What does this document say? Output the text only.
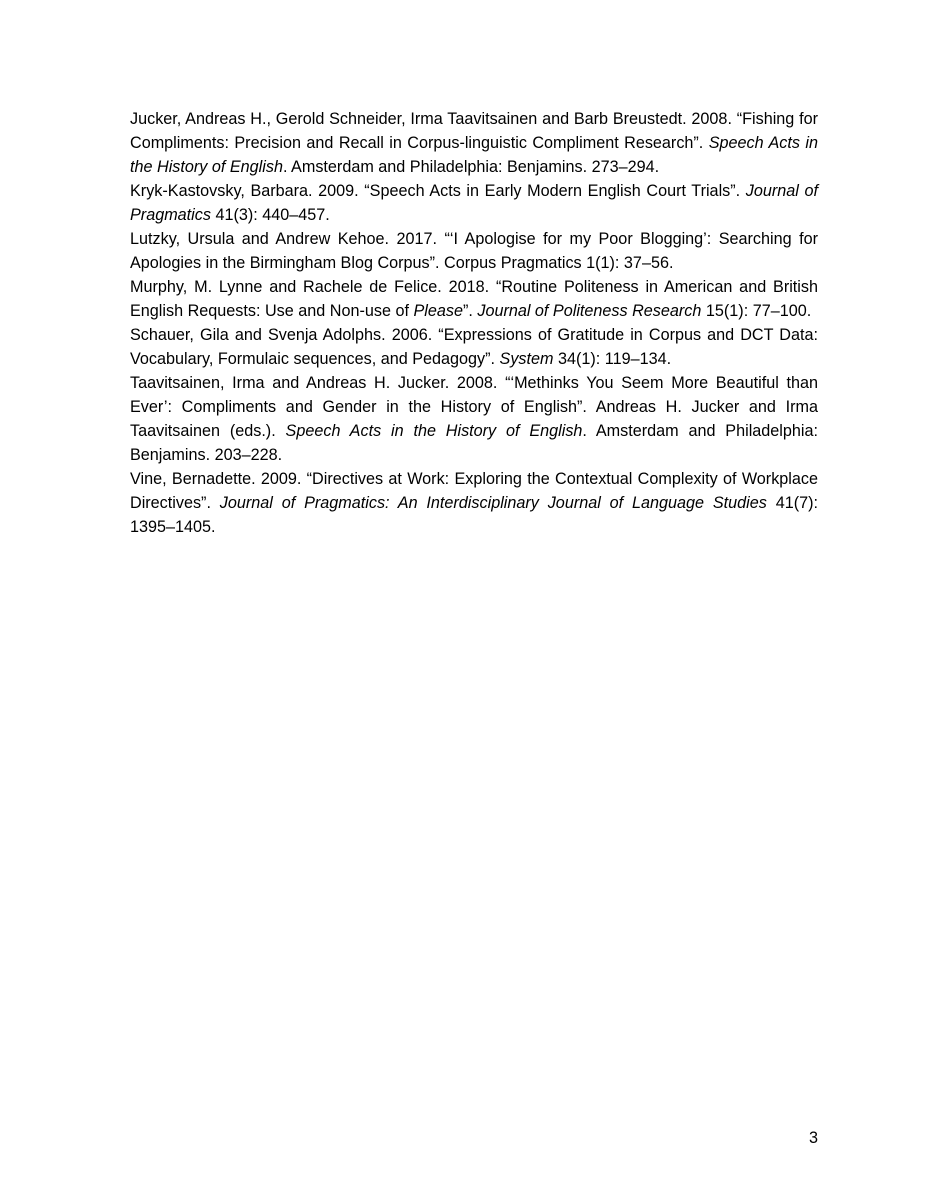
Jucker, Andreas H., Gerold Schneider, Irma Taavitsainen and Barb Breustedt. 2008. “Fishing for Compliments: Precision and Recall in Corpus-linguistic Compliment Research”. Speech Acts in the History of English. Amsterdam and Philadelphia: Benjamins. 273–294.

Kryk-Kastovsky, Barbara. 2009. “Speech Acts in Early Modern English Court Trials”. Journal of Pragmatics 41(3): 440–457.

Lutzky, Ursula and Andrew Kehoe. 2017. “‘I Apologise for my Poor Blogging’: Searching for Apologies in the Birmingham Blog Corpus”. Corpus Pragmatics 1(1): 37–56.

Murphy, M. Lynne and Rachele de Felice. 2018. “Routine Politeness in American and British English Requests: Use and Non-use of Please”. Journal of Politeness Research 15(1): 77–100.

Schauer, Gila and Svenja Adolphs. 2006. “Expressions of Gratitude in Corpus and DCT Data: Vocabulary, Formulaic sequences, and Pedagogy”. System 34(1): 119–134.

Taavitsainen, Irma and Andreas H. Jucker. 2008. “‘Methinks You Seem More Beautiful than Ever’: Compliments and Gender in the History of English”. Andreas H. Jucker and Irma Taavitsainen (eds.). Speech Acts in the History of English. Amsterdam and Philadelphia: Benjamins. 203–228.

Vine, Bernadette. 2009. “Directives at Work: Exploring the Contextual Complexity of Workplace Directives”. Journal of Pragmatics: An Interdisciplinary Journal of Language Studies 41(7): 1395–1405.

3
